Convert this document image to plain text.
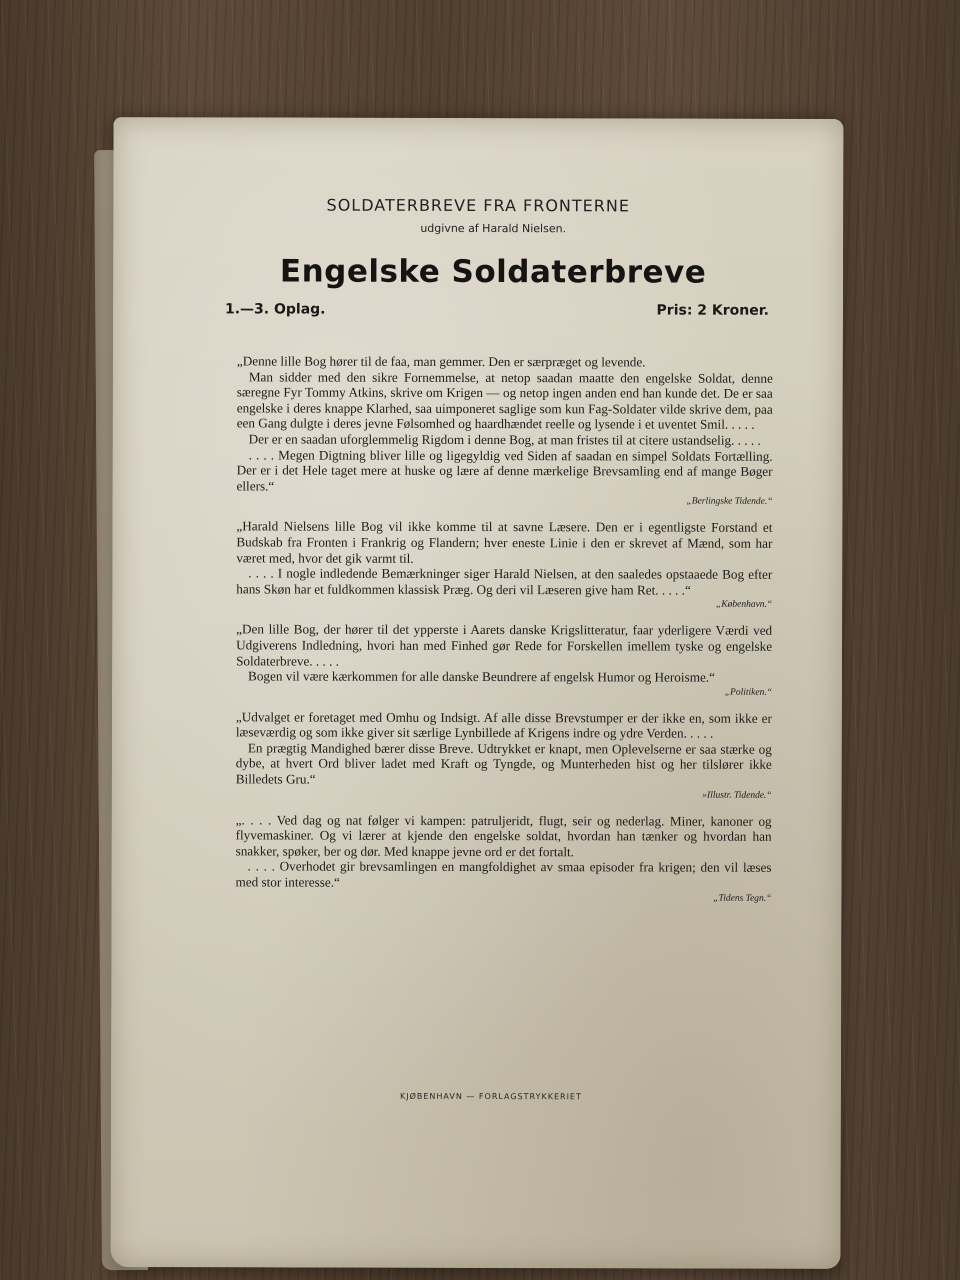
SOLDATERBREVE FRA FRONTERNE
udgivne af Harald Nielsen.
Engelske Soldaterbreve
1.—3. Oplag.	Pris: 2 Kroner.

„Denne lille Bog hører til de faa, man gemmer. Den er særpræget og levende.

Man sidder med den sikre Fornemmelse, at netop saadan maatte den engelske Soldat, denne særegne Fyr Tommy Atkins, skrive om Krigen — og netop ingen anden end han kunde det. De er saa engelske i deres knappe Klarhed, saa uimponeret saglige som kun Fag-Soldater vilde skrive dem, paa een Gang dulgte i deres jevne Følsomhed og haardhændet reelle og lysende i et uventet Smil. . . . .

Der er en saadan uforglemmelig Rigdom i denne Bog, at man fristes til at citere ustandselig. . . . .

. . . . Megen Digtning bliver lille og ligegyldig ved Siden af saadan en simpel Soldats Fortælling. Der er i det Hele taget mere at huske og lære af denne mærkelige Brevsamling end af mange Bøger ellers.“

„Berlingske Tidende.“

„Harald Nielsens lille Bog vil ikke komme til at savne Læsere. Den er i egentligste Forstand et Budskab fra Fronten i Frankrig og Flandern; hver eneste Linie i den er skrevet af Mænd, som har været med, hvor det gik varmt til.

. . . . I nogle indledende Bemærkninger siger Harald Nielsen, at den saaledes opstaaede Bog efter hans Skøn har et fuldkommen klassisk Præg. Og deri vil Læseren give ham Ret. . . . .“

„København.“

„Den lille Bog, der hører til det ypperste i Aarets danske Krigslitteratur, faar yderligere Værdi ved Udgiverens Indledning, hvori han med Finhed gør Rede for Forskellen imellem tyske og engelske Soldaterbreve. . . . .

Bogen vil være kærkommen for alle danske Beundrere af engelsk Humor og Heroisme.“

„Politiken.“

„Udvalget er foretaget med Omhu og Indsigt. Af alle disse Brevstumper er der ikke en, som ikke er læseværdig og som ikke giver sit særlige Lynbillede af Krigens indre og ydre Verden. . . . .

En prægtig Mandighed bærer disse Breve. Udtrykket er knapt, men Oplevelserne er saa stærke og dybe, at hvert Ord bliver ladet med Kraft og Tyngde, og Munterheden hist og her tilslører ikke Billedets Gru.“

»Illustr. Tidende.“

„. . . . Ved dag og nat følger vi kampen: patruljeridt, flugt, seir og nederlag. Miner, kanoner og flyvemaskiner. Og vi lærer at kjende den engelske soldat, hvordan han tænker og hvordan han snakker, spøker, ber og dør. Med knappe jevne ord er det fortalt.

. . . . Overhodet gir brevsamlingen en mangfoldighet av smaa episoder fra krigen; den vil læses med stor interesse.“

„Tidens Tegn.“
KJØBENHAVN — FORLAGSTRYKKERIET
